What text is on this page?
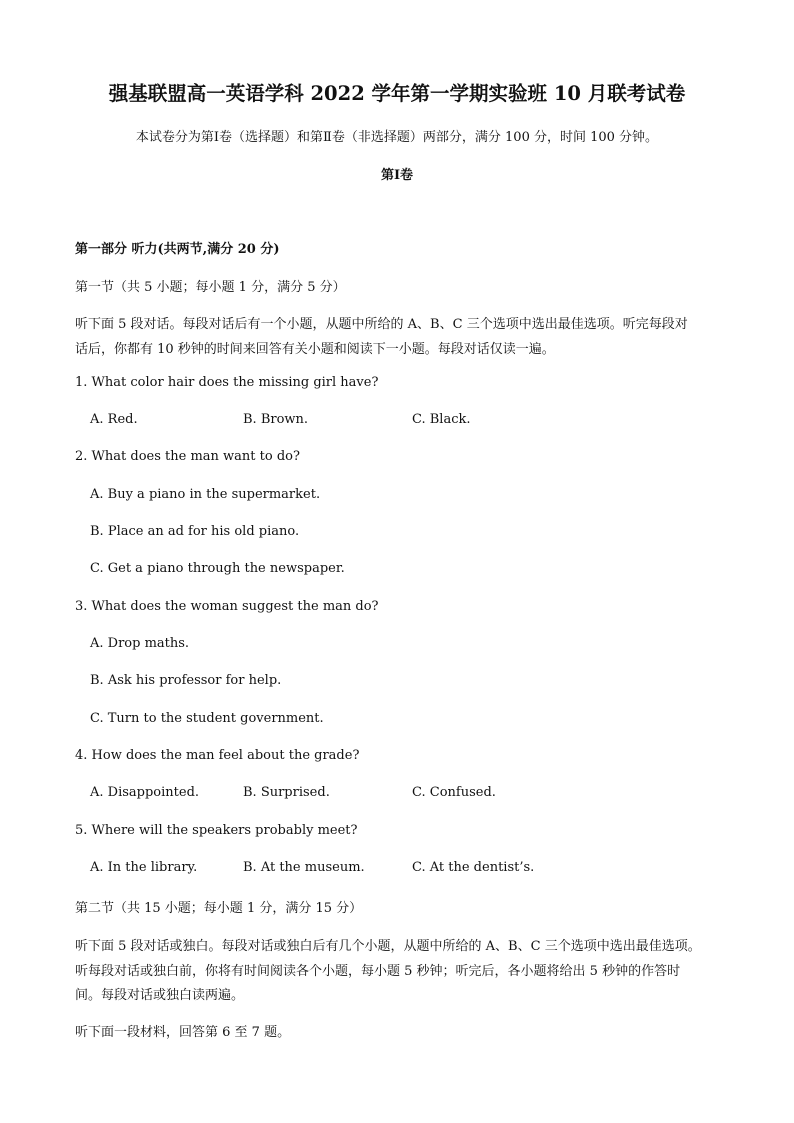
强基联盟高一英语学科 2022 学年第一学期实验班 10 月联考试卷
本试卷分为第Ⅰ卷（选择题）和第Ⅱ卷（非选择题）两部分，满分 100 分，时间 100 分钟。
第Ⅰ卷
第一部分 听力(共两节,满分 20 分)
第一节（共 5 小题；每小题 1 分，满分 5 分）
听下面 5 段对话。每段对话后有一个小题，从题中所给的 A、B、C 三个选项中选出最佳选项。听完每段对
话后，你都有 10 秒钟的时间来回答有关小题和阅读下一小题。每段对话仅读一遍。
1. What color hair does the missing girl have?
A. Red.	B. Brown.	C. Black.
2. What does the man want to do?
A. Buy a piano in the supermarket.
B. Place an ad for his old piano.
C. Get a piano through the newspaper.
3. What does the woman suggest the man do?
A. Drop maths.
B. Ask his professor for help.
C. Turn to the student government.
4. How does the man feel about the grade?
A. Disappointed.	B. Surprised.	C. Confused.
5. Where will the speakers probably meet?
A. In the library.	B. At the museum.	C. At the dentist’s.
第二节（共 15 小题；每小题 1 分，满分 15 分）
听下面 5 段对话或独白。每段对话或独白后有几个小题，从题中所给的 A、B、C 三个选项中选出最佳选项。
听每段对话或独白前，你将有时间阅读各个小题，每小题 5 秒钟；听完后，各小题将给出 5 秒钟的作答时
间。每段对话或独白读两遍。
听下面一段材料，回答第 6 至 7 题。
